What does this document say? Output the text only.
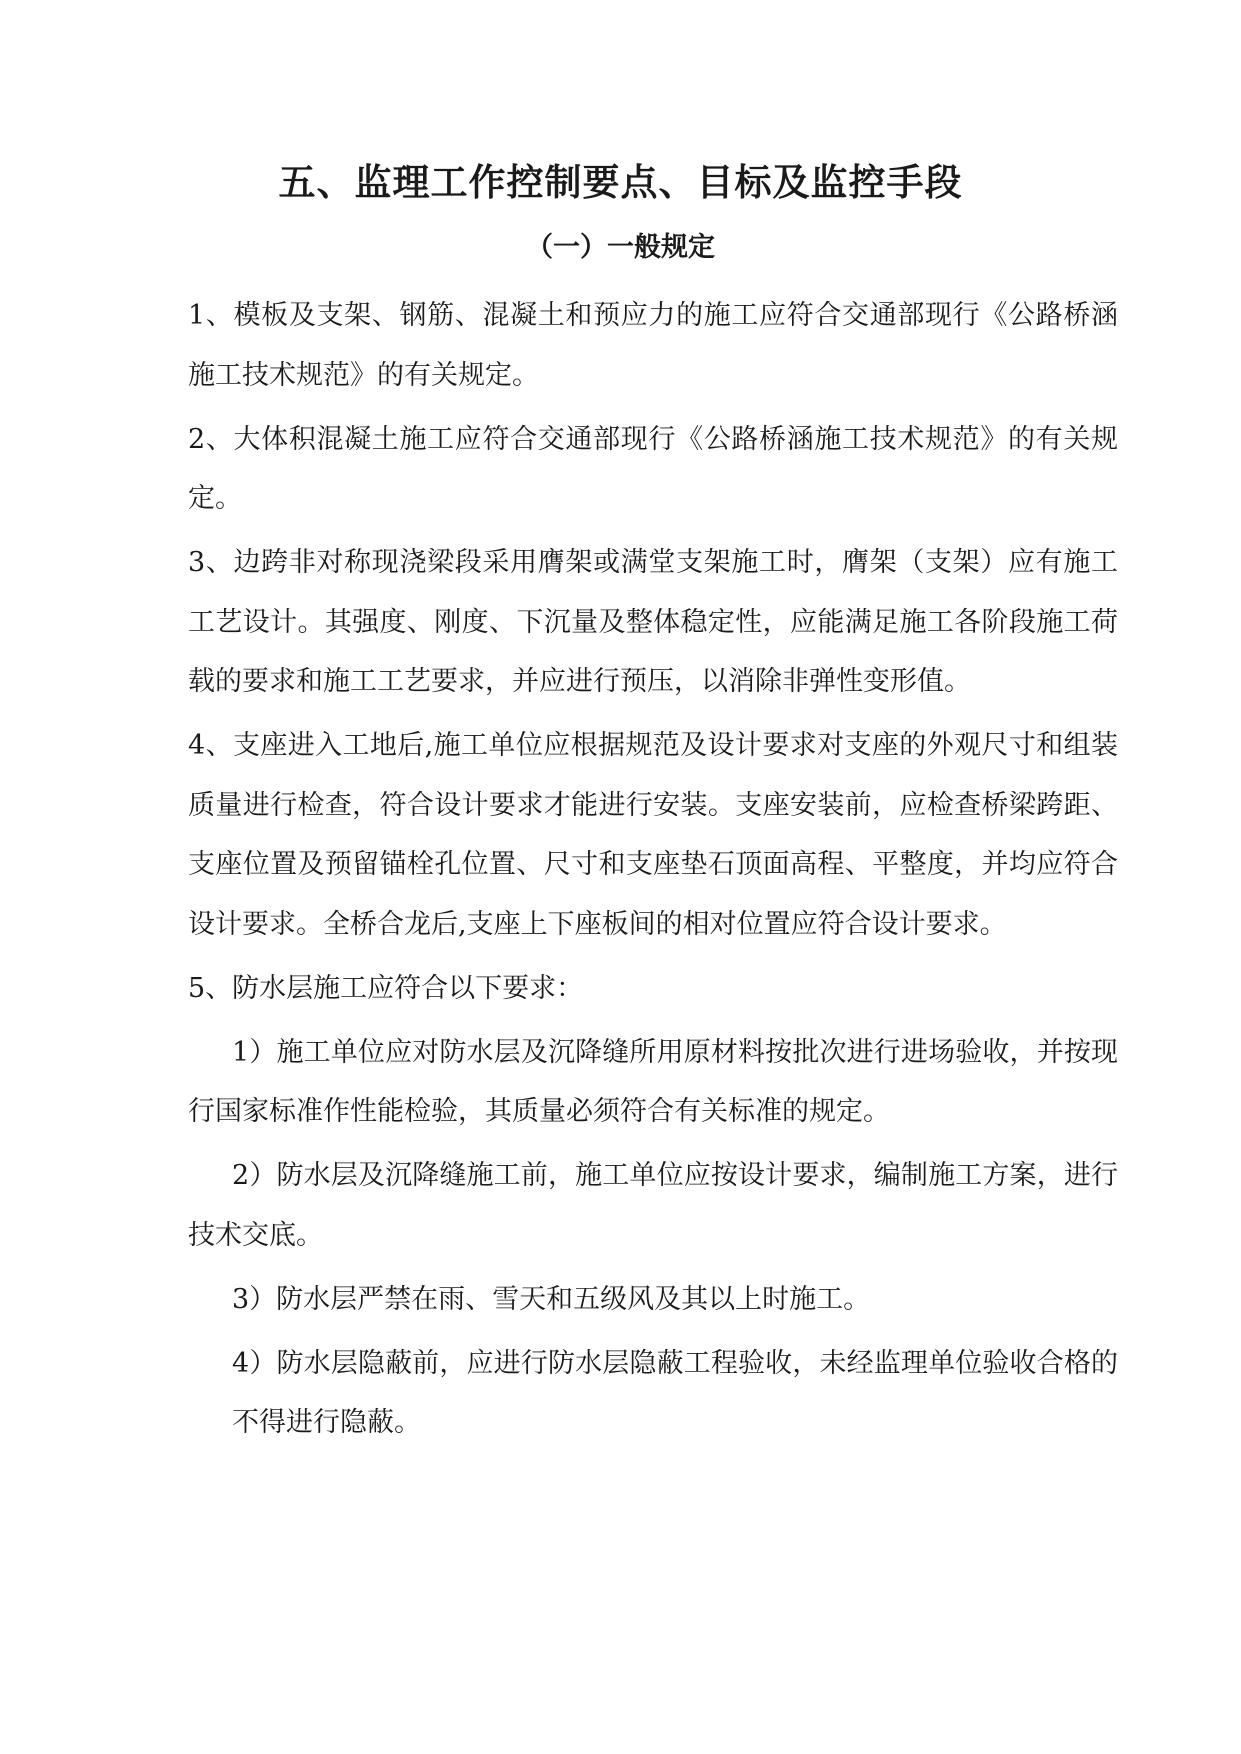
五、监理工作控制要点、目标及监控手段
（一）一般规定

1、模板及支架、钢筋、混凝土和预应力的施工应符合交通部现行《公路桥涵施工技术规范》的有关规定。

2、大体积混凝土施工应符合交通部现行《公路桥涵施工技术规范》的有关规定。

3、边跨非对称现浇梁段采用膺架或满堂支架施工时，膺架（支架）应有施工工艺设计。其强度、刚度、下沉量及整体稳定性，应能满足施工各阶段施工荷载的要求和施工工艺要求，并应进行预压，以消除非弹性变形值。

4、支座进入工地后,施工单位应根据规范及设计要求对支座的外观尺寸和组装质量进行检查，符合设计要求才能进行安装。支座安装前，应检查桥梁跨距、支座位置及预留锚栓孔位置、尺寸和支座垫石顶面高程、平整度，并均应符合设计要求。全桥合龙后,支座上下座板间的相对位置应符合设计要求。

5、防水层施工应符合以下要求：

1）施工单位应对防水层及沉降缝所用原材料按批次进行进场验收，并按现行国家标准作性能检验，其质量必须符合有关标准的规定。

2）防水层及沉降缝施工前，施工单位应按设计要求，编制施工方案，进行技术交底。

3）防水层严禁在雨、雪天和五级风及其以上时施工。

4）防水层隐蔽前，应进行防水层隐蔽工程验收，未经监理单位验收合格的不得进行隐蔽。
